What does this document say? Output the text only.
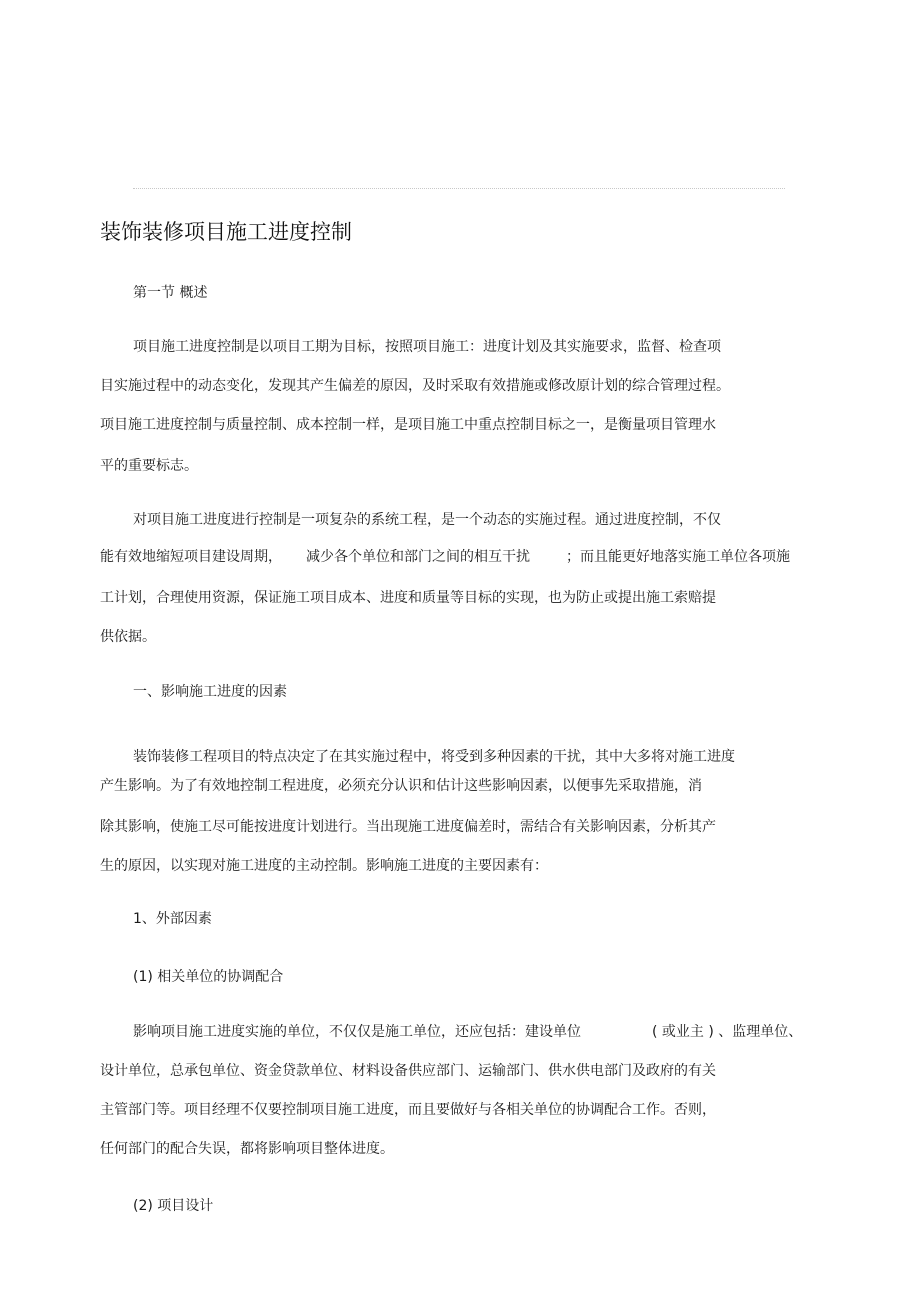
装饰装修项目施工进度控制
第一节 概述
项目施工进度控制是以项目工期为目标，按照项目施工：进度计划及其实施要求，监督、检查项
目实施过程中的动态变化，发现其产生偏差的原因，及时采取有效措施或修改原计划的综合管理过程。
项目施工进度控制与质量控制、成本控制一样，是项目施工中重点控制目标之一，是衡量项目管理水
平的重要标志。
对项目施工进度进行控制是一项复杂的系统工程，是一个动态的实施过程。通过进度控制，不仅
能有效地缩短项目建设周期， 减少各个单位和部门之间的相互干扰	；而且能更好地落实施工单位各项施
工计划，合理使用资源，保证施工项目成本、进度和质量等目标的实现，也为防止或提出施工索赔提
供依据。
一、影响施工进度的因素
装饰装修工程项目的特点决定了在其实施过程中，将受到多种因素的干扰，其中大多将对施工进度
产生影响。为了有效地控制工程进度，必须充分认识和估计这些影响因素，以便事先采取措施，消
除其影响，使施工尽可能按进度计划进行。当出现施工进度偏差时，需结合有关影响因素，分析其产
生的原因，以实现对施工进度的主动控制。影响施工进度的主要因素有：
1、外部因素
(1) 相关单位的协调配合
影响项目施工进度实施的单位，不仅仅是施工单位，还应包括：建设单位	( 或业主 ) 、监理单位、
设计单位，总承包单位、资金贷款单位、材料设备供应部门、运输部门、供水供电部门及政府的有关
主管部门等。项目经理不仅要控制项目施工进度，而且要做好与各相关单位的协调配合工作。否则，
任何部门的配合失误，都将影响项目整体进度。
(2) 项目设计
